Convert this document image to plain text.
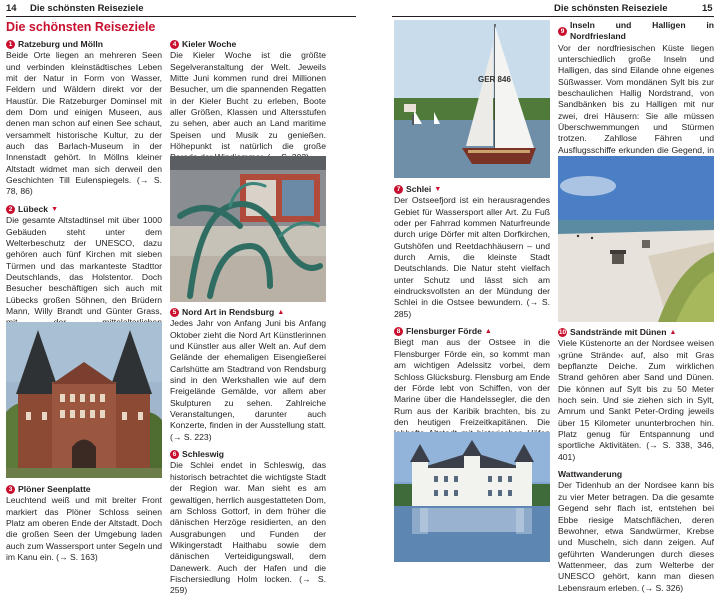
14 Die schönsten Reiseziele
Die schönsten Reiseziele
1 Ratzeburg und Mölln
Beide Orte liegen an mehreren Seen und verbinden kleinstädtisches Leben mit der Natur in Form von Wasser, Feldern und Wäldern direkt vor der Haustür. Die Ratzeburger Dominsel mit dem Dom und einigen Museen, aus denen man schon auf einen See schaut, versammelt historische Kultur, zu der auch das Barlach-Museum in der Innenstadt gehört. In Möllns kleiner Altstadt widmet man sich derweil den Geschichten Till Eulenspiegels. (→ S. 78, 86)
2 Lübeck ▼
Die gesamte Altstadtinsel mit über 1000 Gebäuden steht unter dem Welterbeschutz der UNESCO, dazu gehören auch fünf Kirchen mit sieben Türmen und das markanteste Stadttor Deutschlands, das Holstentor. Doch Besucher beschäftigen sich auch mit Lübecks großen Söhnen, den Brüdern Mann, Willy Brandt und Günter Grass,
3 Plöner Seenplatte
Leuchtend weiß und mit breiter Front markiert das Plöner Schloss seinen Platz am oberen Ende der Altstadt. Doch die großen Seen der Umgebung laden auch zum Wassersport unter Segeln und im Kanu ein. (→ S. 163)
4 Kieler Woche
Die Kieler Woche ist die größte Segelveranstaltung der Welt. Jeweils Mitte Juni kommen rund drei Millionen Besucher, um die spannenden Regatten in der Kieler Bucht zu erleben, Boote aller Größen, Klassen und Altersstufen zu sehen, aber auch an Land maritime Speisen und Musik zu genießen. Höhepunkt ist natürlich die große
5 Nord Art in Rendsburg ▲
Jedes Jahr von Anfang Juni bis Anfang Oktober zieht die Nord Art Künstlerinnen und Künstler aus aller Welt an. Auf dem Gelände der ehemaligen Eisengießerei Carlshütte am Stadtrand von Rendsburg sind in den Werkshallen wie auf dem Freigelände Gemälde, vor allem aber Skulpturen zu sehen. Zahlreiche Veranstaltungen, darunter auch Konzerte, finden in der Ausstellung statt. (→ S. 223)
6 Schleswig
Die Schlei endet in Schleswig, das historisch betrachtet die wichtigste Stadt der Region war. Man sieht es am gewaltigen, herrlich ausgestatteten Dom, am Schloss Gottorf, in dem früher die dänischen Herzöge residierten, an den Ausgrabungen und Funden der Wikingerstadt Haithabu sowie dem dänischen Verteidigungswall, dem Danewerk. Auch der Hafen und die Fischersiedlung Holm locken. (→ S. 259)
Die schönsten Reiseziele	15
GER 846
7 Schlei ▼
Der Ostseefjord ist ein herausragendes Gebiet für Wassersport aller Art. Zu Fuß oder per Fahrrad kommen Naturfreunde durch urige Dörfer mit alten Dorfkirchen, Gutshöfen und Reetdachhäusern – und durch Arnis, die kleinste Stadt Deutschlands. Die Natur steht vielfach unter Schutz und lässt sich am eindrucksvollsten an der Mündung der Schlei in die Ostsee bewundern. (→ S. 285)
8 Flensburger Förde ▲
Biegt man aus der Ostsee in die Flensburger Förde ein, so kommt man am wichtigen Adelssitz vorbei, dem Schloss Glücksburg. Flensburg am Ende der Förde lebt von Schiffen, von der Marine über die Handelssegler, die den Rum aus der Karibik brachten, bis zu den heutigen Freizeitkapitänen. Die
9
Inseln und Halligen in Nordfriesland
Vor der nordfriesischen Küste liegen unterschiedlich große Inseln und Halligen, das sind Eilande ohne eigenes Süßwasser. Vom mondänen Sylt bis zur beschaulichen Hallig Nordstrand, von Sandbänken bis zu Halligen mit nur zwei, drei Häusern: Sie alle müssen Überschwemmungen und Stürmen trotzen. Zahllose Fähren und Ausflugsschiffe erkunden die Gegend, in
10 Sandstrände mit Dünen ▲
Viele Küstenorte an der Nordsee weisen ›grüne Strände‹ auf, also mit Gras bepflanzte Deiche. Zum wirklichen Strand gehören aber Sand und Dünen. Die können auf Sylt bis zu 50 Meter hoch sein. Und sie ziehen sich in Sylt, Amrum und Sankt Peter-Ording jeweils über 15 Kilometer ununterbrochen hin. Platz genug für Entspannung und sportliche Aktivitäten. (→ S. 338, 346, 401)
Wattwanderung
Der Tidenhub an der Nordsee kann bis zu vier Meter betragen. Da die gesamte Gegend sehr flach ist, entstehen bei Ebbe riesige Matschflächen, deren Bewohner, etwa Sandwürmer, Krebse und Muscheln, sich dann zeigen. Auf geführten Wanderungen durch dieses Wattenmeer, das zum Welterbe der UNESCO gehört, kann man diesen Lebensraum erleben. (→ S. 326)
